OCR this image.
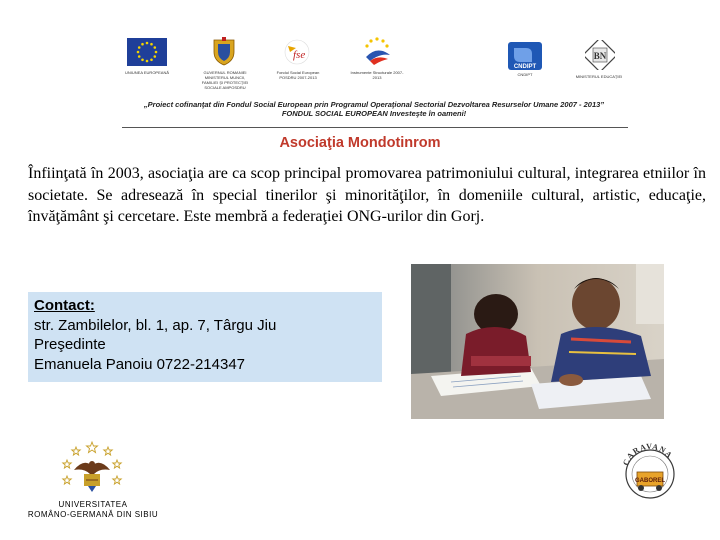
UNIUNEA EUROPEANĂ	GUVERNUL ROMANIEI MINISTERUL MUNCII, FAMILIEI ŞI PROTECŢIEI SOCIALE AMPOSDRU
fse
Fondul Social European POSDRU 2007-2013
Instrumente Structurale 2007-2013
CNDIPT
CNDIPT
BN
MINISTERUL EDUCAŢIEI
„Proiect cofinanţat din Fondul Social European prin Programul Operaţional Sectorial Dezvoltarea Resurselor Umane 2007 - 2013”
FONDUL SOCIAL EUROPEAN Investeşte în oameni!
Asociaţia Mondotinrom
Înfiinţată în 2003, asociaţia are ca scop principal promovarea patrimoniului cultural, integrarea etniilor în societate. Se adresează în special tinerilor şi minorităţilor, în domeniile cultural, artistic, educaţie, învăţământ şi cercetare. Este membră a federaţiei ONG-urilor din Gorj.
Contact:
str. Zambilelor, bl. 1, ap. 7, Târgu Jiu
Preşedinte
Emanuela Panoiu 0722-214347
UNIVERSITATEA
ROMÂNO-GERMANĂ DIN SIBIU
CARAVANA
GABOREL
